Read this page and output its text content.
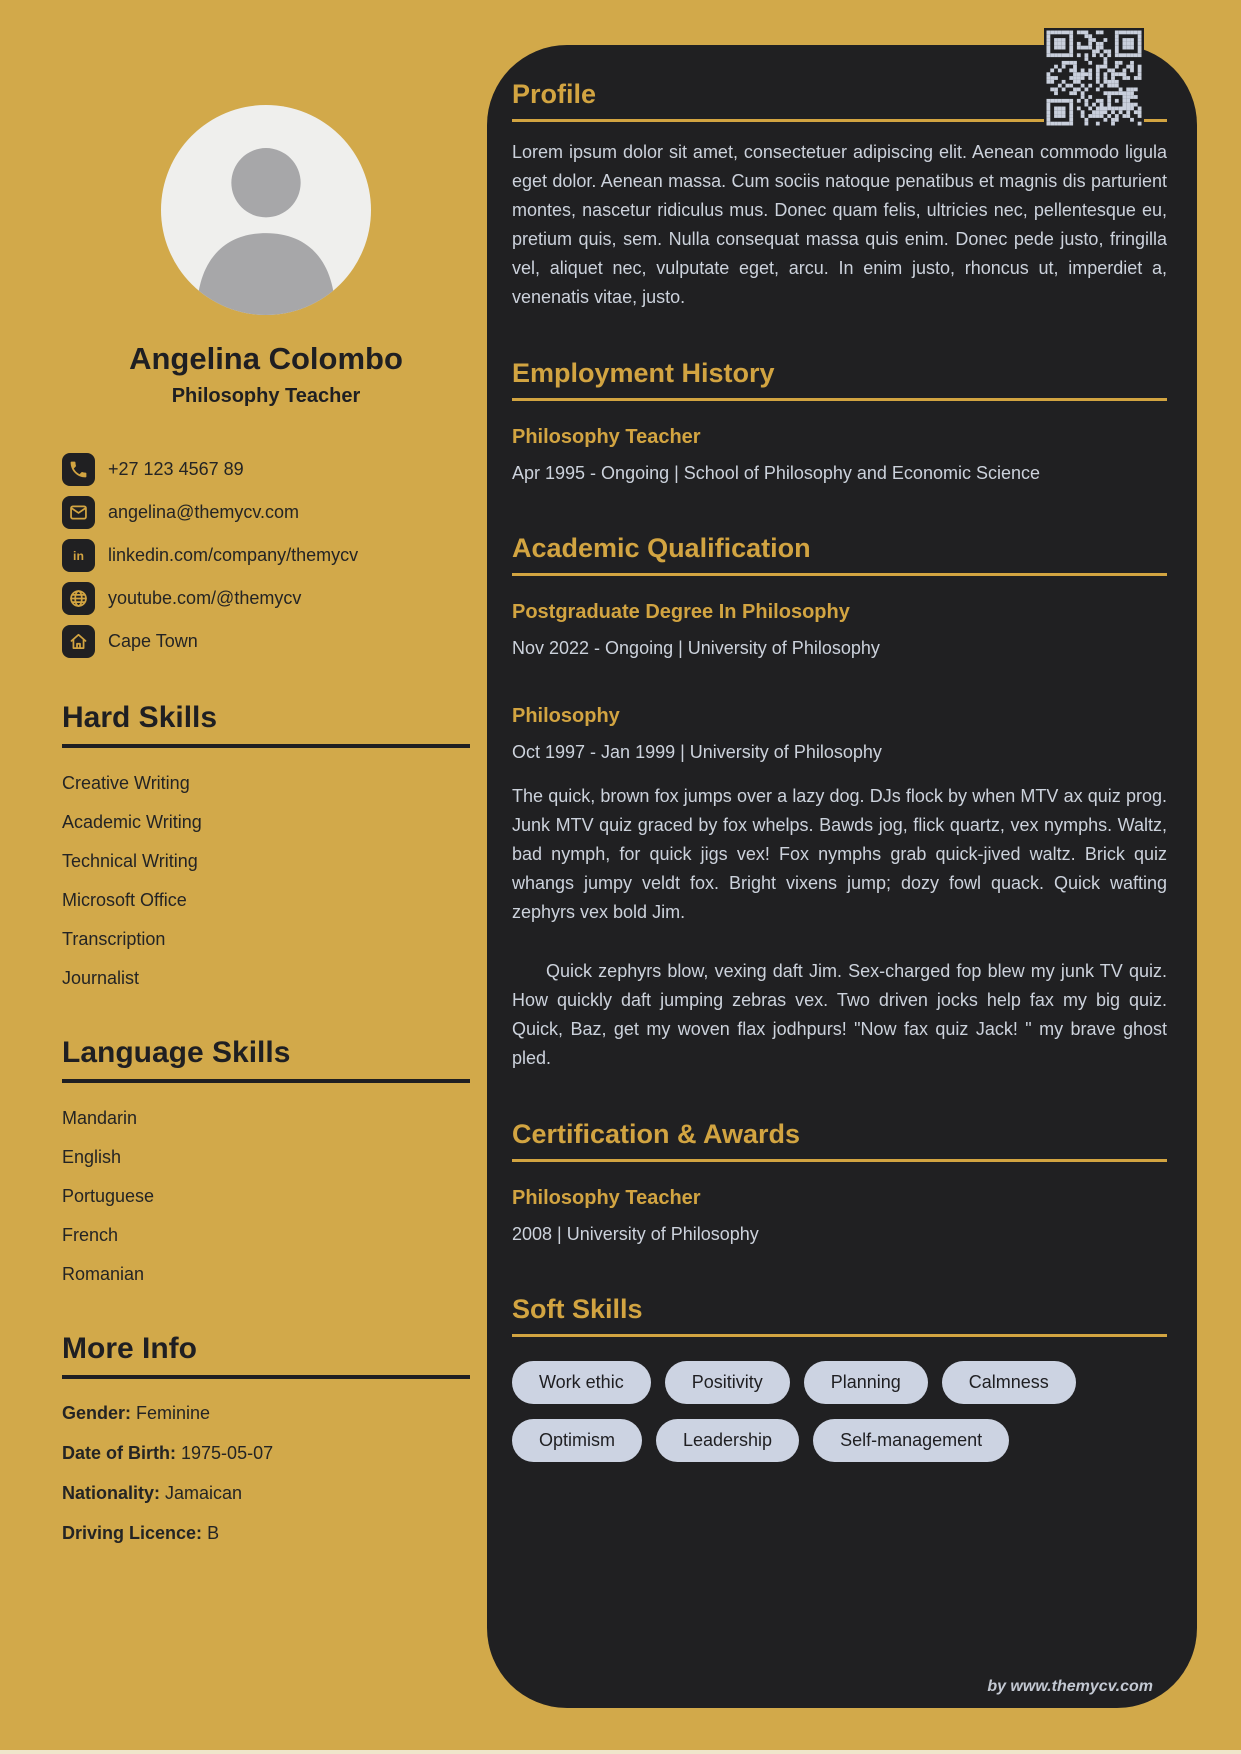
Angelina Colombo
Philosophy Teacher
+27 123 4567 89
angelina@themycv.com
in linkedin.com/company/themycv
youtube.com/@themycv
Cape Town
Hard Skills
Creative Writing
Academic Writing
Technical Writing
Microsoft Office
Transcription
Journalist
Language Skills
Mandarin
English
Portuguese
French
Romanian
More Info
Gender: Feminine
Date of Birth: 1975-05-07
Nationality: Jamaican
Driving Licence: B
Profile

Lorem ipsum dolor sit amet, consectetuer adipiscing elit. Aenean commodo ligula eget dolor. Aenean massa. Cum sociis natoque penatibus et magnis dis parturient montes, nascetur ridiculus mus. Donec quam felis, ultricies nec, pellentesque eu, pretium quis, sem. Nulla consequat massa quis enim. Donec pede justo, fringilla vel, aliquet nec, vulputate eget, arcu. In enim justo, rhoncus ut, imperdiet a, venenatis vitae, justo.

Employment History
Philosophy Teacher
Apr 1995 - Ongoing | School of Philosophy and Economic Science
Academic Qualification
Postgraduate Degree In Philosophy
Nov 2022 - Ongoing | University of Philosophy
Philosophy
Oct 1997 - Jan 1999 | University of Philosophy

The quick, brown fox jumps over a lazy dog. DJs flock by when MTV ax quiz prog. Junk MTV quiz graced by fox whelps. Bawds jog, flick quartz, vex nymphs. Waltz, bad nymph, for quick jigs vex! Fox nymphs grab quick-jived waltz. Brick quiz whangs jumpy veldt fox. Bright vixens jump; dozy fowl quack. Quick wafting zephyrs vex bold Jim.

Quick zephyrs blow, vexing daft Jim. Sex-charged fop blew my junk TV quiz. How quickly daft jumping zebras vex. Two driven jocks help fax my big quiz. Quick, Baz, get my woven flax jodhpurs! "Now fax quiz Jack! " my brave ghost pled.

Certification & Awards
Philosophy Teacher
2008 | University of Philosophy
Soft Skills
Work ethic	Positivity	Planning	Calmness
Optimism	Leadership	Self-management
by www.themycv.com
